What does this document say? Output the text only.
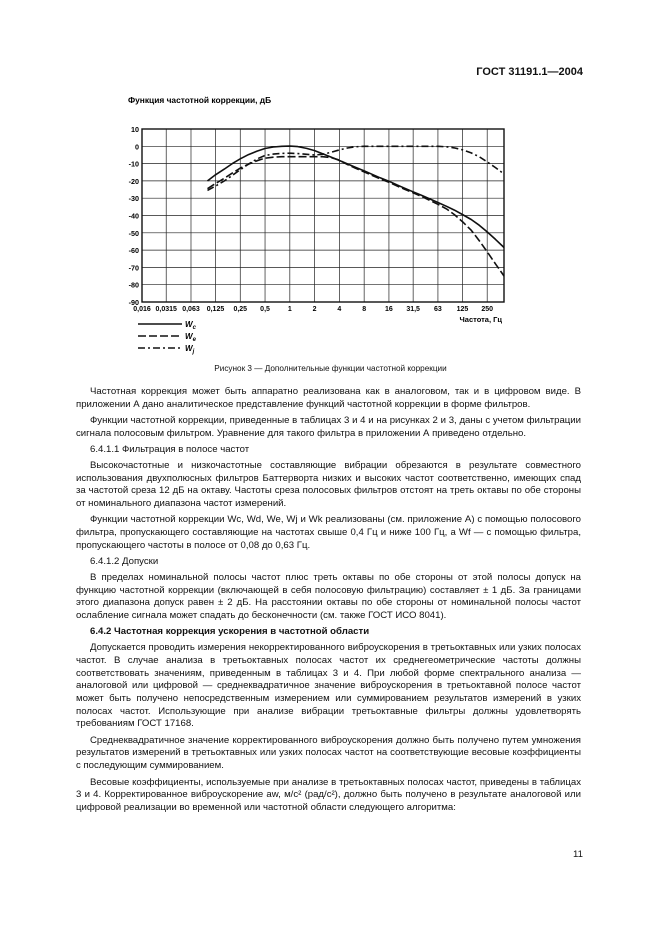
ГОСТ 31191.1—2004
Функция частотной коррекции, дБ
10
0
-10
-20
-30
-40
-50
-60
-70
-80
-90
0,016 0,0315 0,063 0,125 0,25 0,5	1	2	4	8	16 31,5 63 125 250
Частота, Гц
$W_c$
$W_e$
$W_j$
Рисунок 3 — Дополнительные функции частотной коррекции

Частотная коррекция может быть аппаратно реализована как в аналоговом, так и в цифровом виде. В приложении А дано аналитическое представление функций частотной коррекции в форме фильтров.

Функции частотной коррекции, приведенные в таблицах 3 и 4 и на рисунках 2 и 3, даны с учетом фильтрации сигнала полосовым фильтром. Уравнение для такого фильтра в приложении А приведено отдельно.

6.4.1.1 Фильтрация в полосе частот

Высокочастотные и низкочастотные составляющие вибрации обрезаются в результате совместного использования двухполюсных фильтров Баттерворта низких и высоких частот соответственно, имеющих спад за частотой среза 12 дБ на октаву. Частоты среза полосовых фильтров отстоят на треть октавы по обе стороны от номинального диапазона частот измерений.

Функции частотной коррекции Wc, Wd, We, Wj и Wk реализованы (см. приложение А) с помощью полосового фильтра, пропускающего составляющие на частотах свыше 0,4 Гц и ниже 100 Гц, а Wf — с помощью фильтра, пропускающего частоты в полосе от 0,08 до 0,63 Гц.

6.4.1.2 Допуски

В пределах номинальной полосы частот плюс треть октавы по обе стороны от этой полосы допуск на функцию частотной коррекции (включающей в себя полосовую фильтрацию) составляет ± 1 дБ. За границами этого диапазона допуск равен ± 2 дБ. На расстоянии октавы по обе стороны от номинальной полосы частот ослабление сигнала может спадать до бесконечности (см. также ГОСТ ИСО 8041).

6.4.2 Частотная коррекция ускорения в частотной области

Допускается проводить измерения некорректированного виброускорения в третьоктавных или узких полосах частот. В случае анализа в третьоктавных полосах частот их среднегеометрические частоты должны соответствовать значениям, приведенным в таблицах 3 и 4. При любой форме спектрального анализа — аналоговой или цифровой — среднеквадратичное значение виброускорения в третьоктавной полосе частот может быть получено непосредственным измерением или суммированием результатов измерений в узких полосах частот. Использующие при анализе вибрации третьоктавные фильтры должны удовлетворять требованиям ГОСТ 17168.

Среднеквадратичное значение корректированного виброускорения должно быть получено путем умножения результатов измерений в третьоктавных или узких полосах частот на соответствующие весовые коэффициенты с последующим суммированием.

Весовые коэффициенты, используемые при анализе в третьоктавных полосах частот, приведены в таблицах 3 и 4. Корректированное виброускорение aw, м/с² (рад/с²), должно быть получено в результате аналоговой или цифровой реализации во временной или частотной области следующего алгоритма:

11
